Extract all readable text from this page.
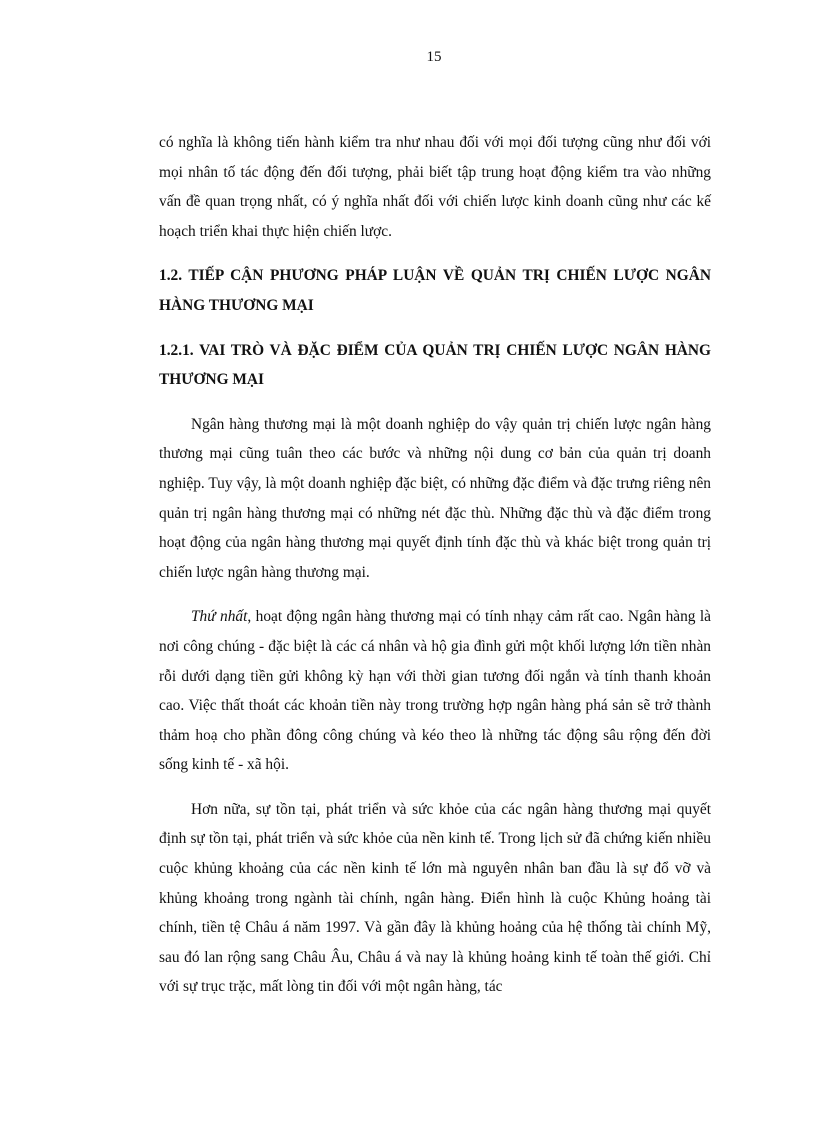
15

có nghĩa là không tiến hành kiểm tra như nhau đối với mọi đối tượng cũng như đối với mọi nhân tố tác động đến đối tượng, phải biết tập trung hoạt động kiểm tra vào những vấn đề quan trọng nhất, có ý nghĩa nhất đối với chiến lược kinh doanh cũng như các kế hoạch triển khai thực hiện chiến lược.

1.2. TIẾP CẬN PHƯƠNG PHÁP LUẬN VỀ QUẢN TRỊ CHIẾN LƯỢC NGÂN HÀNG THƯƠNG MẠI
1.2.1. VAI TRÒ VÀ ĐẶC ĐIỂM CỦA QUẢN TRỊ CHIẾN LƯỢC NGÂN HÀNG THƯƠNG MẠI

Ngân hàng thương mại là một doanh nghiệp do vậy quản trị chiến lược ngân hàng thương mại cũng tuân theo các bước và những nội dung cơ bản của quản trị doanh nghiệp. Tuy vậy, là một doanh nghiệp đặc biệt, có những đặc điểm và đặc trưng riêng nên quản trị ngân hàng thương mại có những nét đặc thù. Những đặc thù và đặc điểm trong hoạt động của ngân hàng thương mại quyết định tính đặc thù và khác biệt trong quản trị chiến lược ngân hàng thương mại.

Thứ nhất, hoạt động ngân hàng thương mại có tính nhạy cảm rất cao. Ngân hàng là nơi công chúng - đặc biệt là các cá nhân và hộ gia đình gửi một khối lượng lớn tiền nhàn rỗi dưới dạng tiền gửi không kỳ hạn với thời gian tương đối ngắn và tính thanh khoản cao. Việc thất thoát các khoản tiền này trong trường hợp ngân hàng phá sản sẽ trở thành thảm hoạ cho phần đông công chúng và kéo theo là những tác động sâu rộng đến đời sống kinh tế - xã hội.

Hơn nữa, sự tồn tại, phát triển và sức khỏe của các ngân hàng thương mại quyết định sự tồn tại, phát triển và sức khỏe của nền kinh tế. Trong lịch sử đã chứng kiến nhiều cuộc khủng khoảng của các nền kinh tế lớn mà nguyên nhân ban đầu là sự đổ vỡ và khủng khoảng trong ngành tài chính, ngân hàng. Điển hình là cuộc Khủng hoảng tài chính, tiền tệ Châu á năm 1997. Và gần đây là khủng hoảng của hệ thống tài chính Mỹ, sau đó lan rộng sang Châu Âu, Châu á và nay là khủng hoảng kinh tế toàn thế giới. Chỉ với sự trục trặc, mất lòng tin đối với một ngân hàng, tác
